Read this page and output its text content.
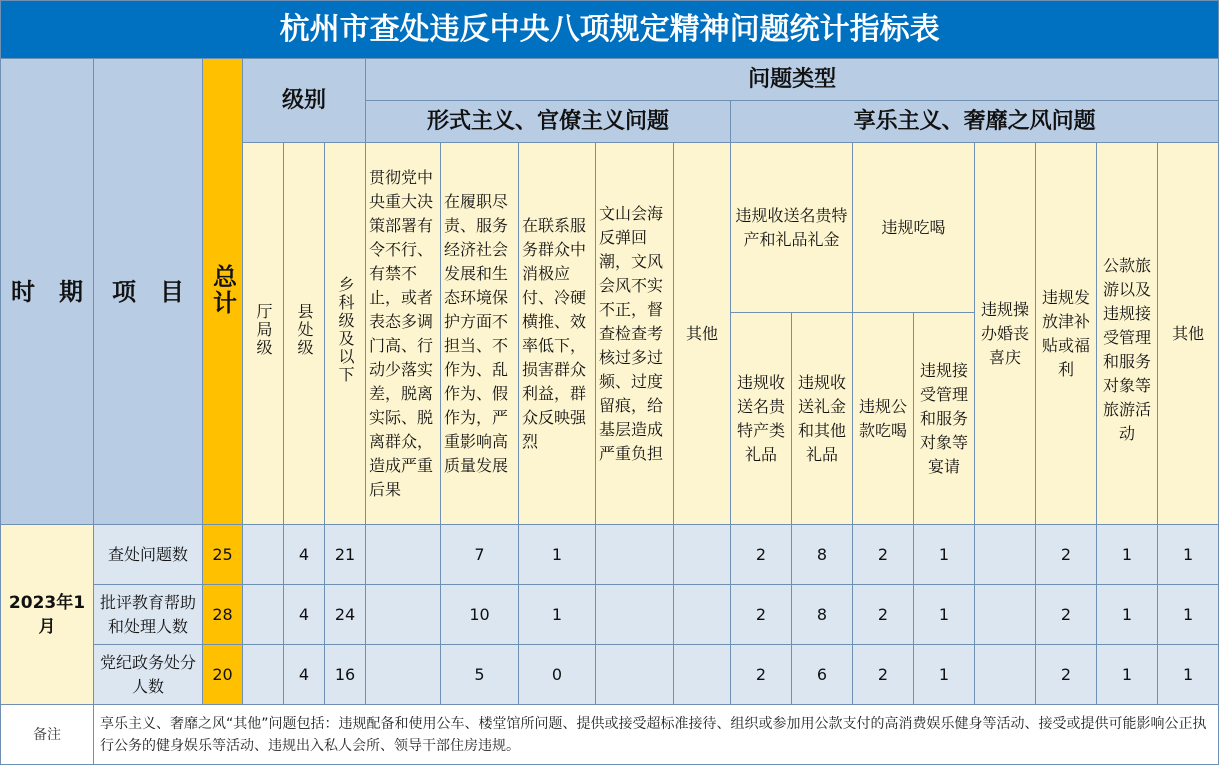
杭州市查处违反中央八项规定精神问题统计指标表																		
时　期	项　目	总计	级别			问题类型												
						形式主义、官僚主义问题					享乐主义、奢靡之风问题							
			厅局级	县处级	乡科级及以下	贯彻党中央重大决策部署有令不行、有禁不止，或者表态多调门高、行动少落实差，脱离实际、脱离群众，造成严重后果	在履职尽责、服务经济社会发展和生态环境保护方面不担当、不作为、乱作为、假作为，严重影响高质量发展	在联系服务群众中消极应付、冷硬横推、效率低下，损害群众利益，群众反映强烈	文山会海反弹回潮，文风会风不实不正，督查检查考核过多过频、过度留痕，给基层造成严重负担	其他	违规收送名贵特产和礼品礼金		违规吃喝		违规操办婚丧喜庆	违规发放津补贴或福利	公款旅游以及违规接受管理和服务对象等旅游活动	其他
											违规收送名贵特产类礼品	违规收送礼金和其他礼品	违规公款吃喝	违规接受管理和服务对象等宴请				

2023年1月	查处问题数	25		4	21		7	1			2	8	2	1		2	1	1
	批评教育帮助和处理人数	28		4	24		10	1			2	8	2	1		2	1	1
	党纪政务处分人数	20		4	16		5	0			2	6	2	1		2	1	1
备注	享乐主义、奢靡之风“其他”问题包括：违规配备和使用公车、楼堂馆所问题、提供或接受超标准接待、组织或参加用公款支付的高消费娱乐健身等活动、接受或提供可能影响公正执行公务的健身娱乐等活动、违规出入私人会所、领导干部住房违规。																	
